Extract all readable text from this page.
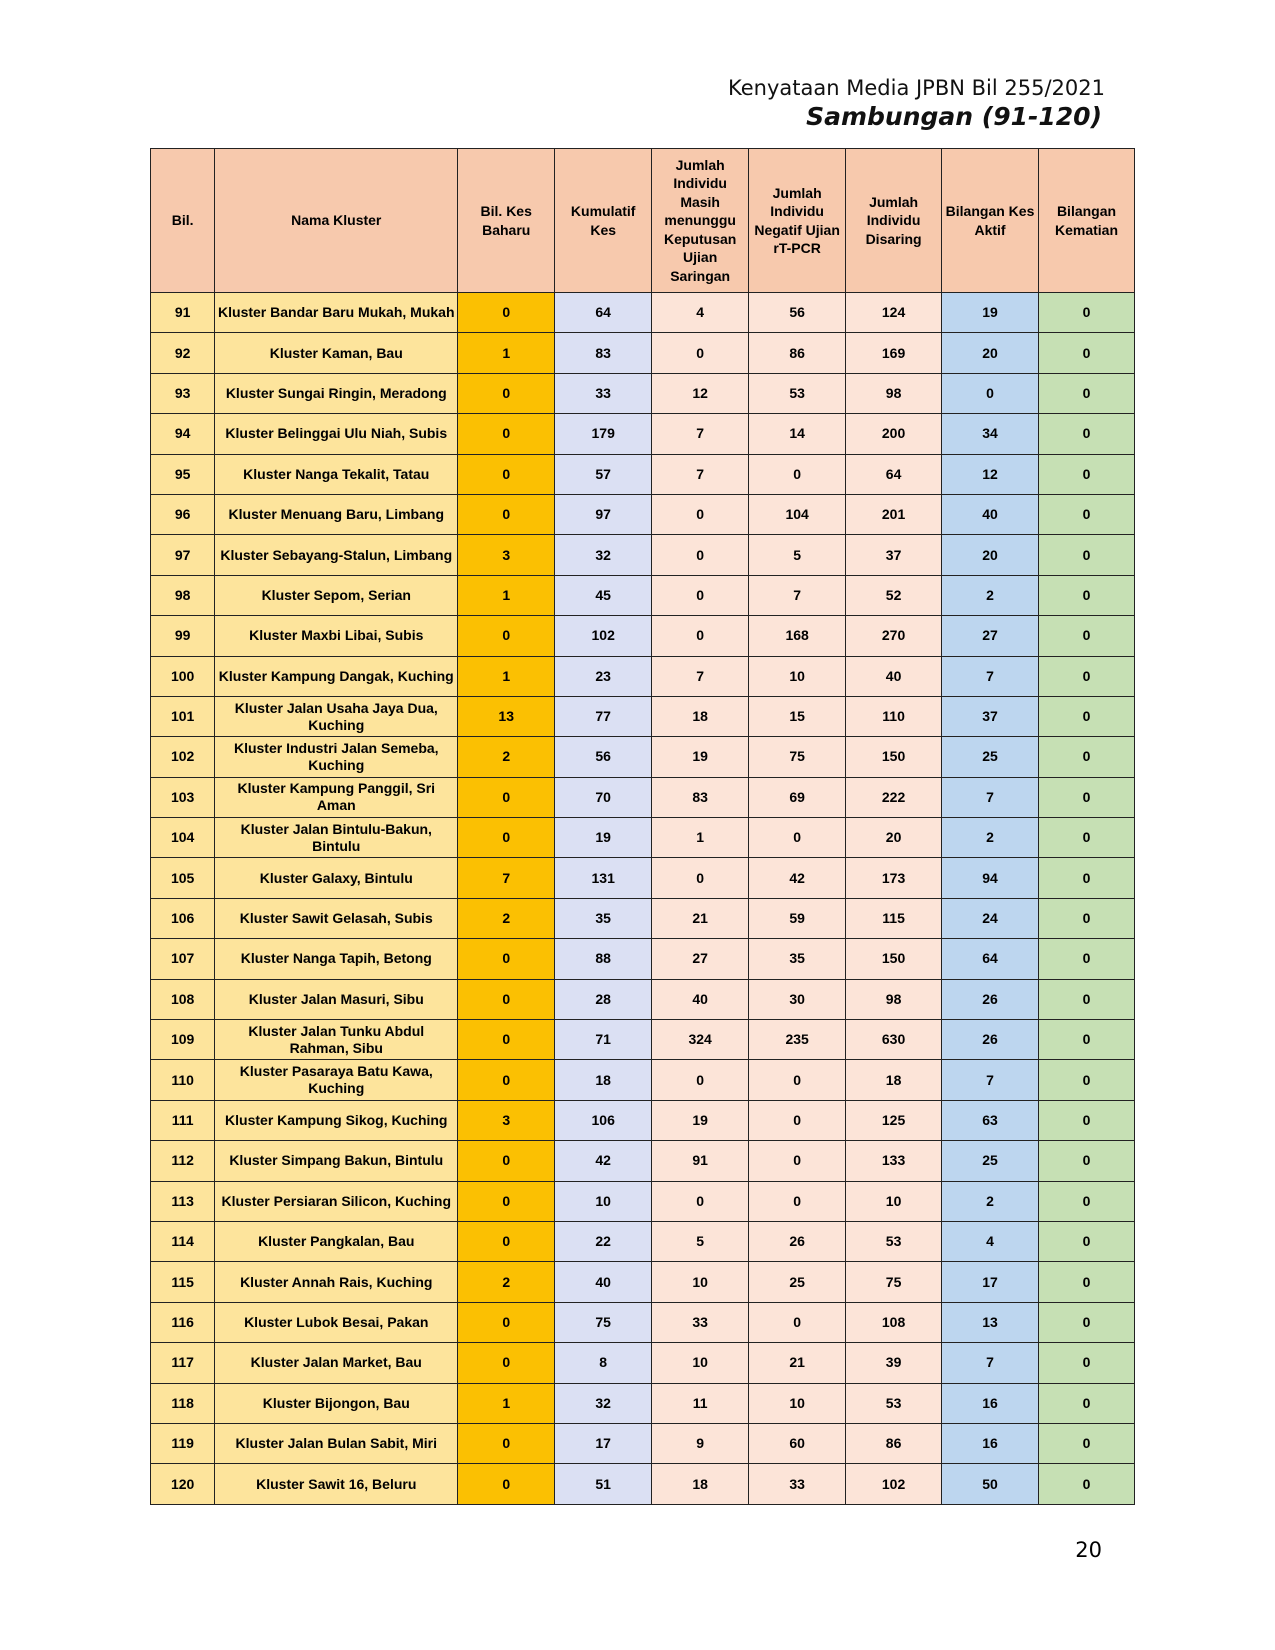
Kenyataan Media JPBN Bil 255/2021
Sambungan (91-120)
Bil.	Nama Kluster	Bil. Kes Baharu	Kumulatif Kes	Jumlah Individu Masih menunggu Keputusan Ujian Saringan	Jumlah Individu Negatif Ujian rT-PCR	Jumlah Individu Disaring	Bilangan Kes Aktif	Bilangan Kematian
91	Kluster Bandar Baru Mukah, Mukah	0	64	4	56	124	19	0
92	Kluster Kaman, Bau	1	83	0	86	169	20	0
93	Kluster Sungai Ringin, Meradong	0	33	12	53	98	0	0
94	Kluster Belinggai Ulu Niah, Subis	0	179	7	14	200	34	0
95	Kluster Nanga Tekalit, Tatau	0	57	7	0	64	12	0
96	Kluster Menuang Baru, Limbang	0	97	0	104	201	40	0
97	Kluster Sebayang-Stalun, Limbang	3	32	0	5	37	20	0
98	Kluster Sepom, Serian	1	45	0	7	52	2	0
99	Kluster Maxbi Libai, Subis	0	102	0	168	270	27	0
100	Kluster Kampung Dangak, Kuching	1	23	7	10	40	7	0
101	Kluster Jalan Usaha Jaya Dua, Kuching	13	77	18	15	110	37	0
102	Kluster Industri Jalan Semeba, Kuching	2	56	19	75	150	25	0
103	Kluster Kampung Panggil, Sri Aman	0	70	83	69	222	7	0
104	Kluster Jalan Bintulu-Bakun, Bintulu	0	19	1	0	20	2	0
105	Kluster Galaxy, Bintulu	7	131	0	42	173	94	0
106	Kluster Sawit Gelasah, Subis	2	35	21	59	115	24	0
107	Kluster Nanga Tapih, Betong	0	88	27	35	150	64	0
108	Kluster Jalan Masuri, Sibu	0	28	40	30	98	26	0
109	Kluster Jalan Tunku Abdul Rahman, Sibu	0	71	324	235	630	26	0
110	Kluster Pasaraya Batu Kawa, Kuching	0	18	0	0	18	7	0
111	Kluster Kampung Sikog, Kuching	3	106	19	0	125	63	0
112	Kluster Simpang Bakun, Bintulu	0	42	91	0	133	25	0
113	Kluster Persiaran Silicon, Kuching	0	10	0	0	10	2	0
114	Kluster Pangkalan, Bau	0	22	5	26	53	4	0
115	Kluster Annah Rais, Kuching	2	40	10	25	75	17	0
116	Kluster Lubok Besai, Pakan	0	75	33	0	108	13	0
117	Kluster Jalan Market, Bau	0	8	10	21	39	7	0
118	Kluster Bijongon, Bau	1	32	11	10	53	16	0
119	Kluster Jalan Bulan Sabit, Miri	0	17	9	60	86	16	0
120	Kluster Sawit 16, Beluru	0	51	18	33	102	50	0
20
